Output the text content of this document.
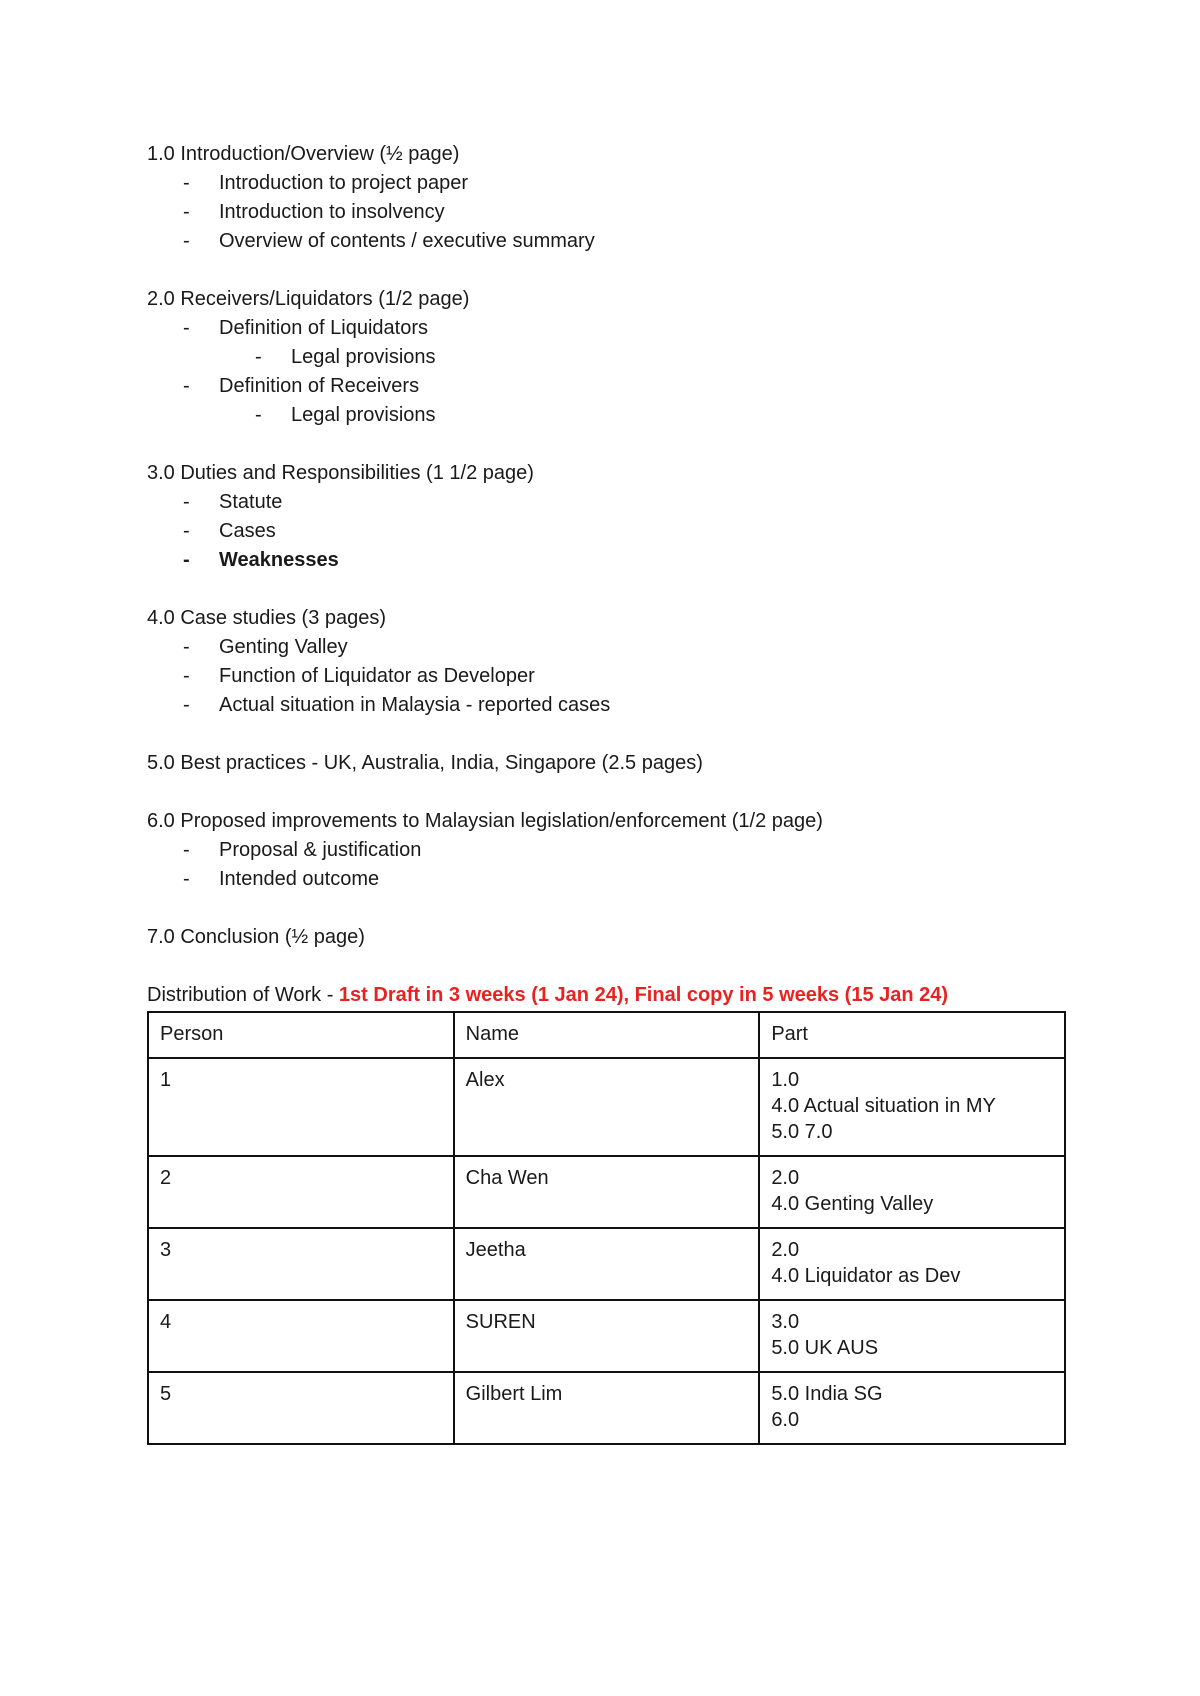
1.0 Introduction/Overview (½ page)
- Introduction to project paper
- Introduction to insolvency
- Overview of contents / executive summary
2.0 Receivers/Liquidators (1/2 page)
- Definition of Liquidators
- Legal provisions
- Definition of Receivers
- Legal provisions
3.0 Duties and Responsibilities (1 1/2 page)
- Statute
- Cases
- Weaknesses
4.0 Case studies (3 pages)
- Genting Valley
- Function of Liquidator as Developer
- Actual situation in Malaysia - reported cases
5.0 Best practices - UK, Australia, India, Singapore (2.5 pages)
6.0 Proposed improvements to Malaysian legislation/enforcement (1/2 page)
- Proposal & justification
- Intended outcome
7.0 Conclusion (½ page)
Distribution of Work - 1st Draft in 3 weeks (1 Jan 24), Final copy in 5 weeks (15 Jan 24)
Person	Name	Part
1	Alex	1.0
4.0 Actual situation in MY
5.0 7.0

2	Cha Wen	2.0
4.0 Genting Valley

3	Jeetha	2.0
4.0 Liquidator as Dev

4	SUREN	3.0
5.0 UK AUS

5	Gilbert Lim	5.0 India SG
6.0
